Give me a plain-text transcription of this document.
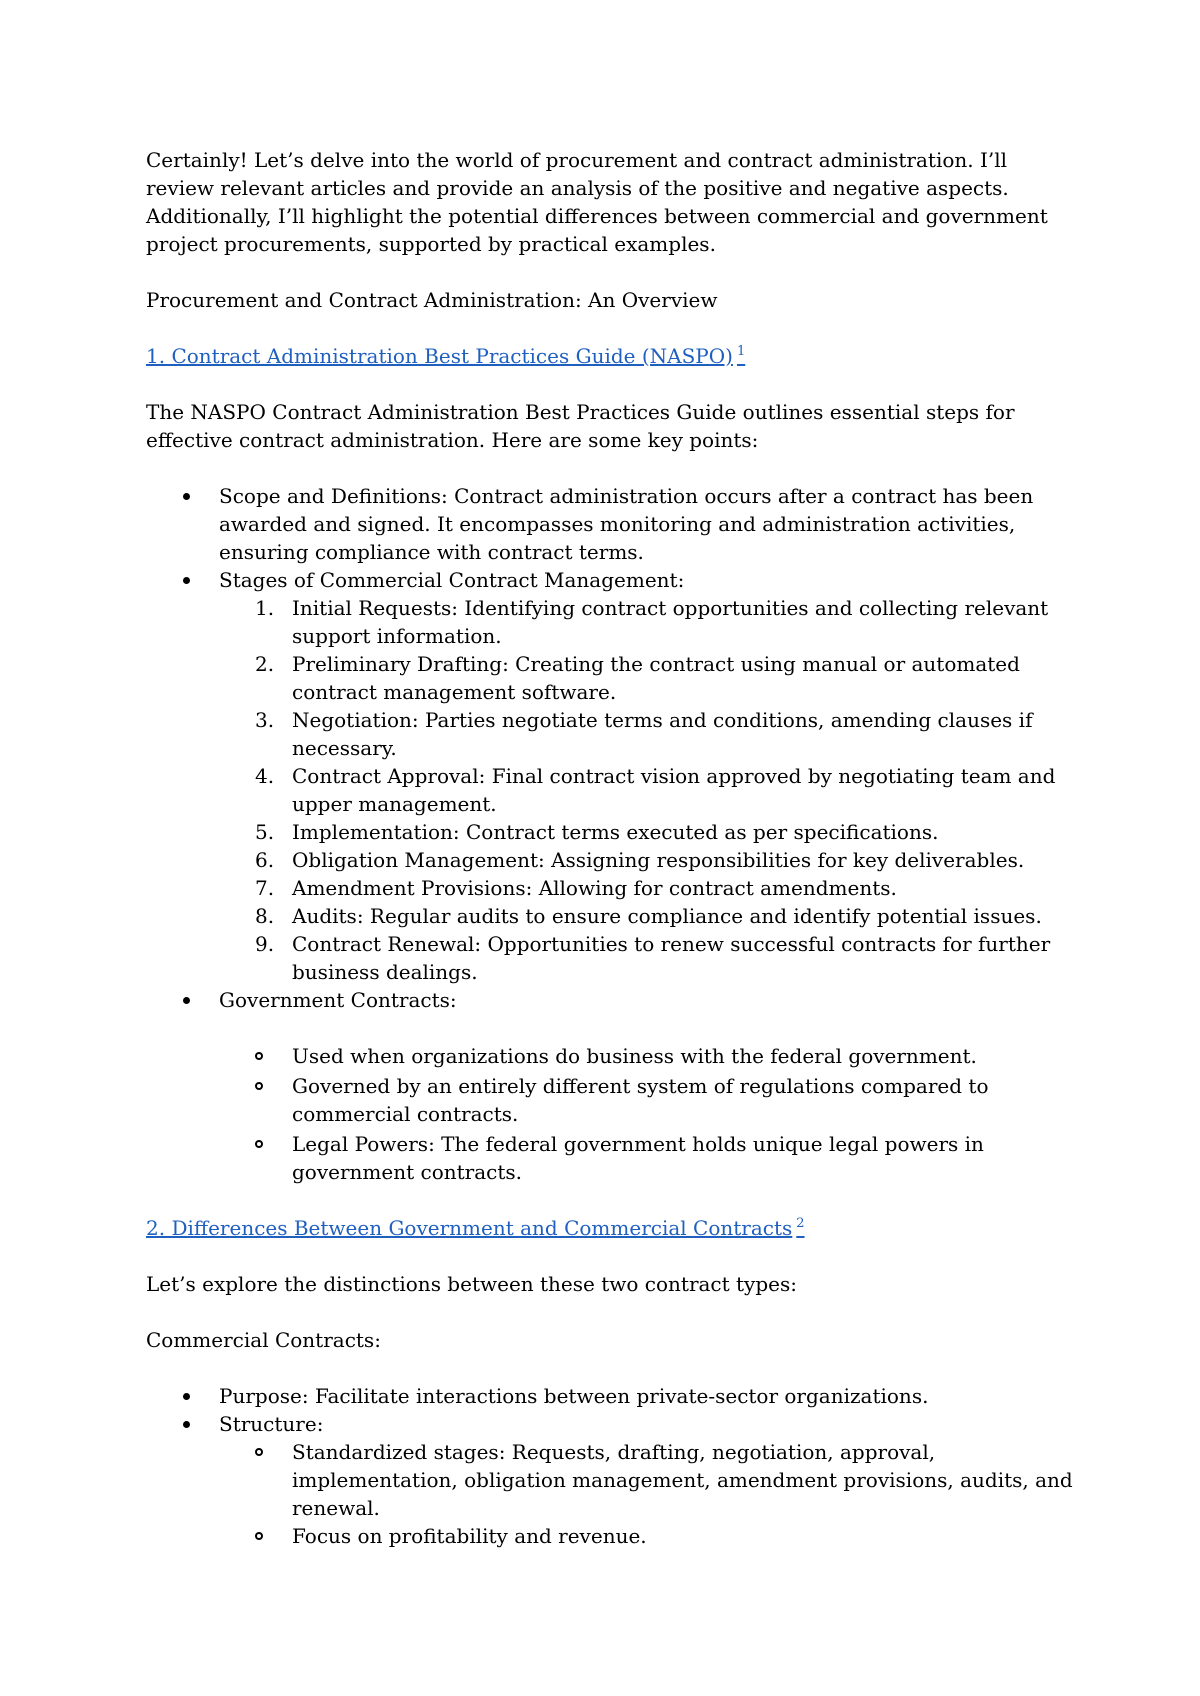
Certainly! Let’s delve into the world of procurement and contract administration. I’ll review relevant articles and provide an analysis of the positive and negative aspects. Additionally, I’ll highlight the potential differences between commercial and government project procurements, supported by practical examples.

Procurement and Contract Administration: An Overview

1. Contract Administration Best Practices Guide (NASPO) $^1$

The NASPO Contract Administration Best Practices Guide outlines essential steps for effective contract administration. Here are some key points:

Scope and Definitions: Contract administration occurs after a contract has been awarded and signed. It encompasses monitoring and administration activities, ensuring compliance with contract terms.
Stages of Commercial Contract Management:
1. Initial Requests: Identifying contract opportunities and collecting relevant support information.
2. Preliminary Drafting: Creating the contract using manual or automated contract management software.
3. Negotiation: Parties negotiate terms and conditions, amending clauses if necessary.
4. Contract Approval: Final contract vision approved by negotiating team and upper management.
5. Implementation: Contract terms executed as per specifications.
6. Obligation Management: Assigning responsibilities for key deliverables.
7. Amendment Provisions: Allowing for contract amendments.
8. Audits: Regular audits to ensure compliance and identify potential issues.
9. Contract Renewal: Opportunities to renew successful contracts for further business dealings.
Government Contracts:
Used when organizations do business with the federal government.
Governed by an entirely different system of regulations compared to commercial contracts.
Legal Powers: The federal government holds unique legal powers in government contracts.

2. Differences Between Government and Commercial Contracts $^2$

Let’s explore the distinctions between these two contract types:

Commercial Contracts:

Purpose: Facilitate interactions between private-sector organizations.
Structure:
Standardized stages: Requests, drafting, negotiation, approval, implementation, obligation management, amendment provisions, audits, and renewal.
Focus on profitability and revenue.
